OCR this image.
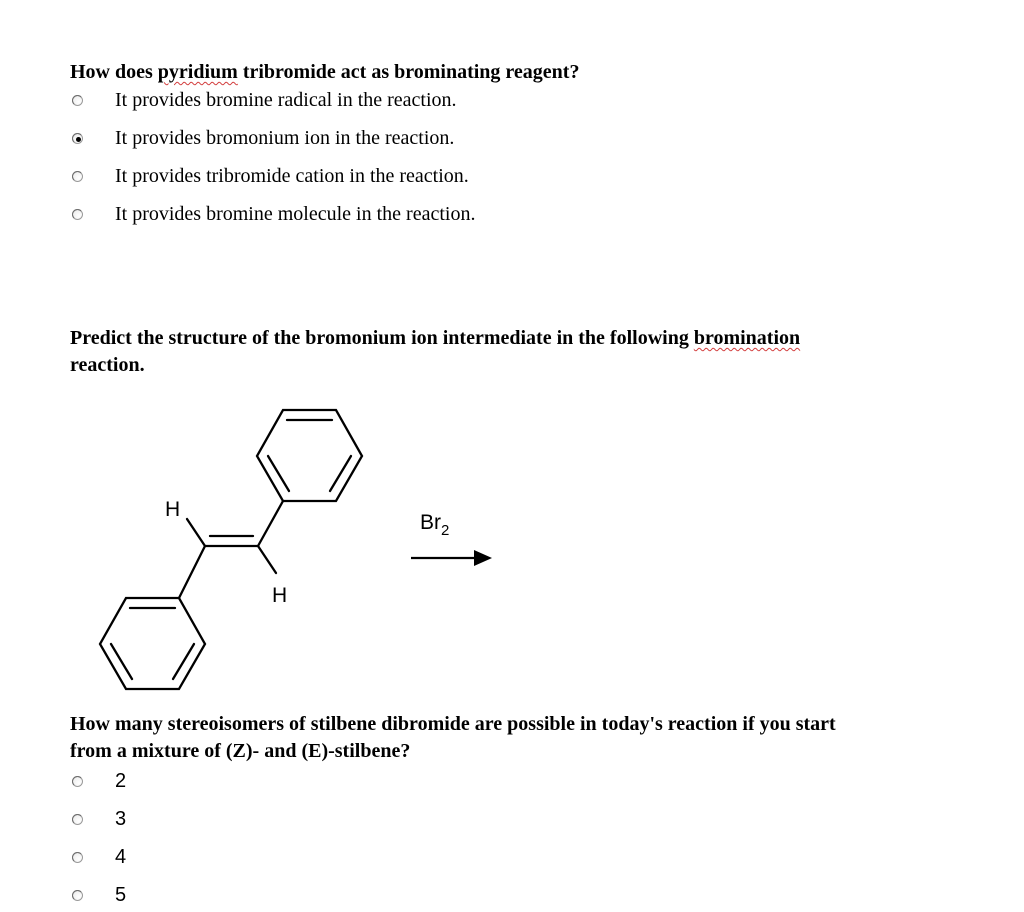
How does pyridium tribromide act as brominating reagent?
It provides bromine radical in the reaction.
It provides bromonium ion in the reaction.
It provides tribromide cation in the reaction.
It provides bromine molecule in the reaction.
Predict the structure of the bromonium ion intermediate in the following bromination
reaction.
H
H
$Br_2$
How many stereoisomers of stilbene dibromide are possible in today's reaction if you start
from a mixture of (Z)- and (E)-stilbene?
2
3
4
5
